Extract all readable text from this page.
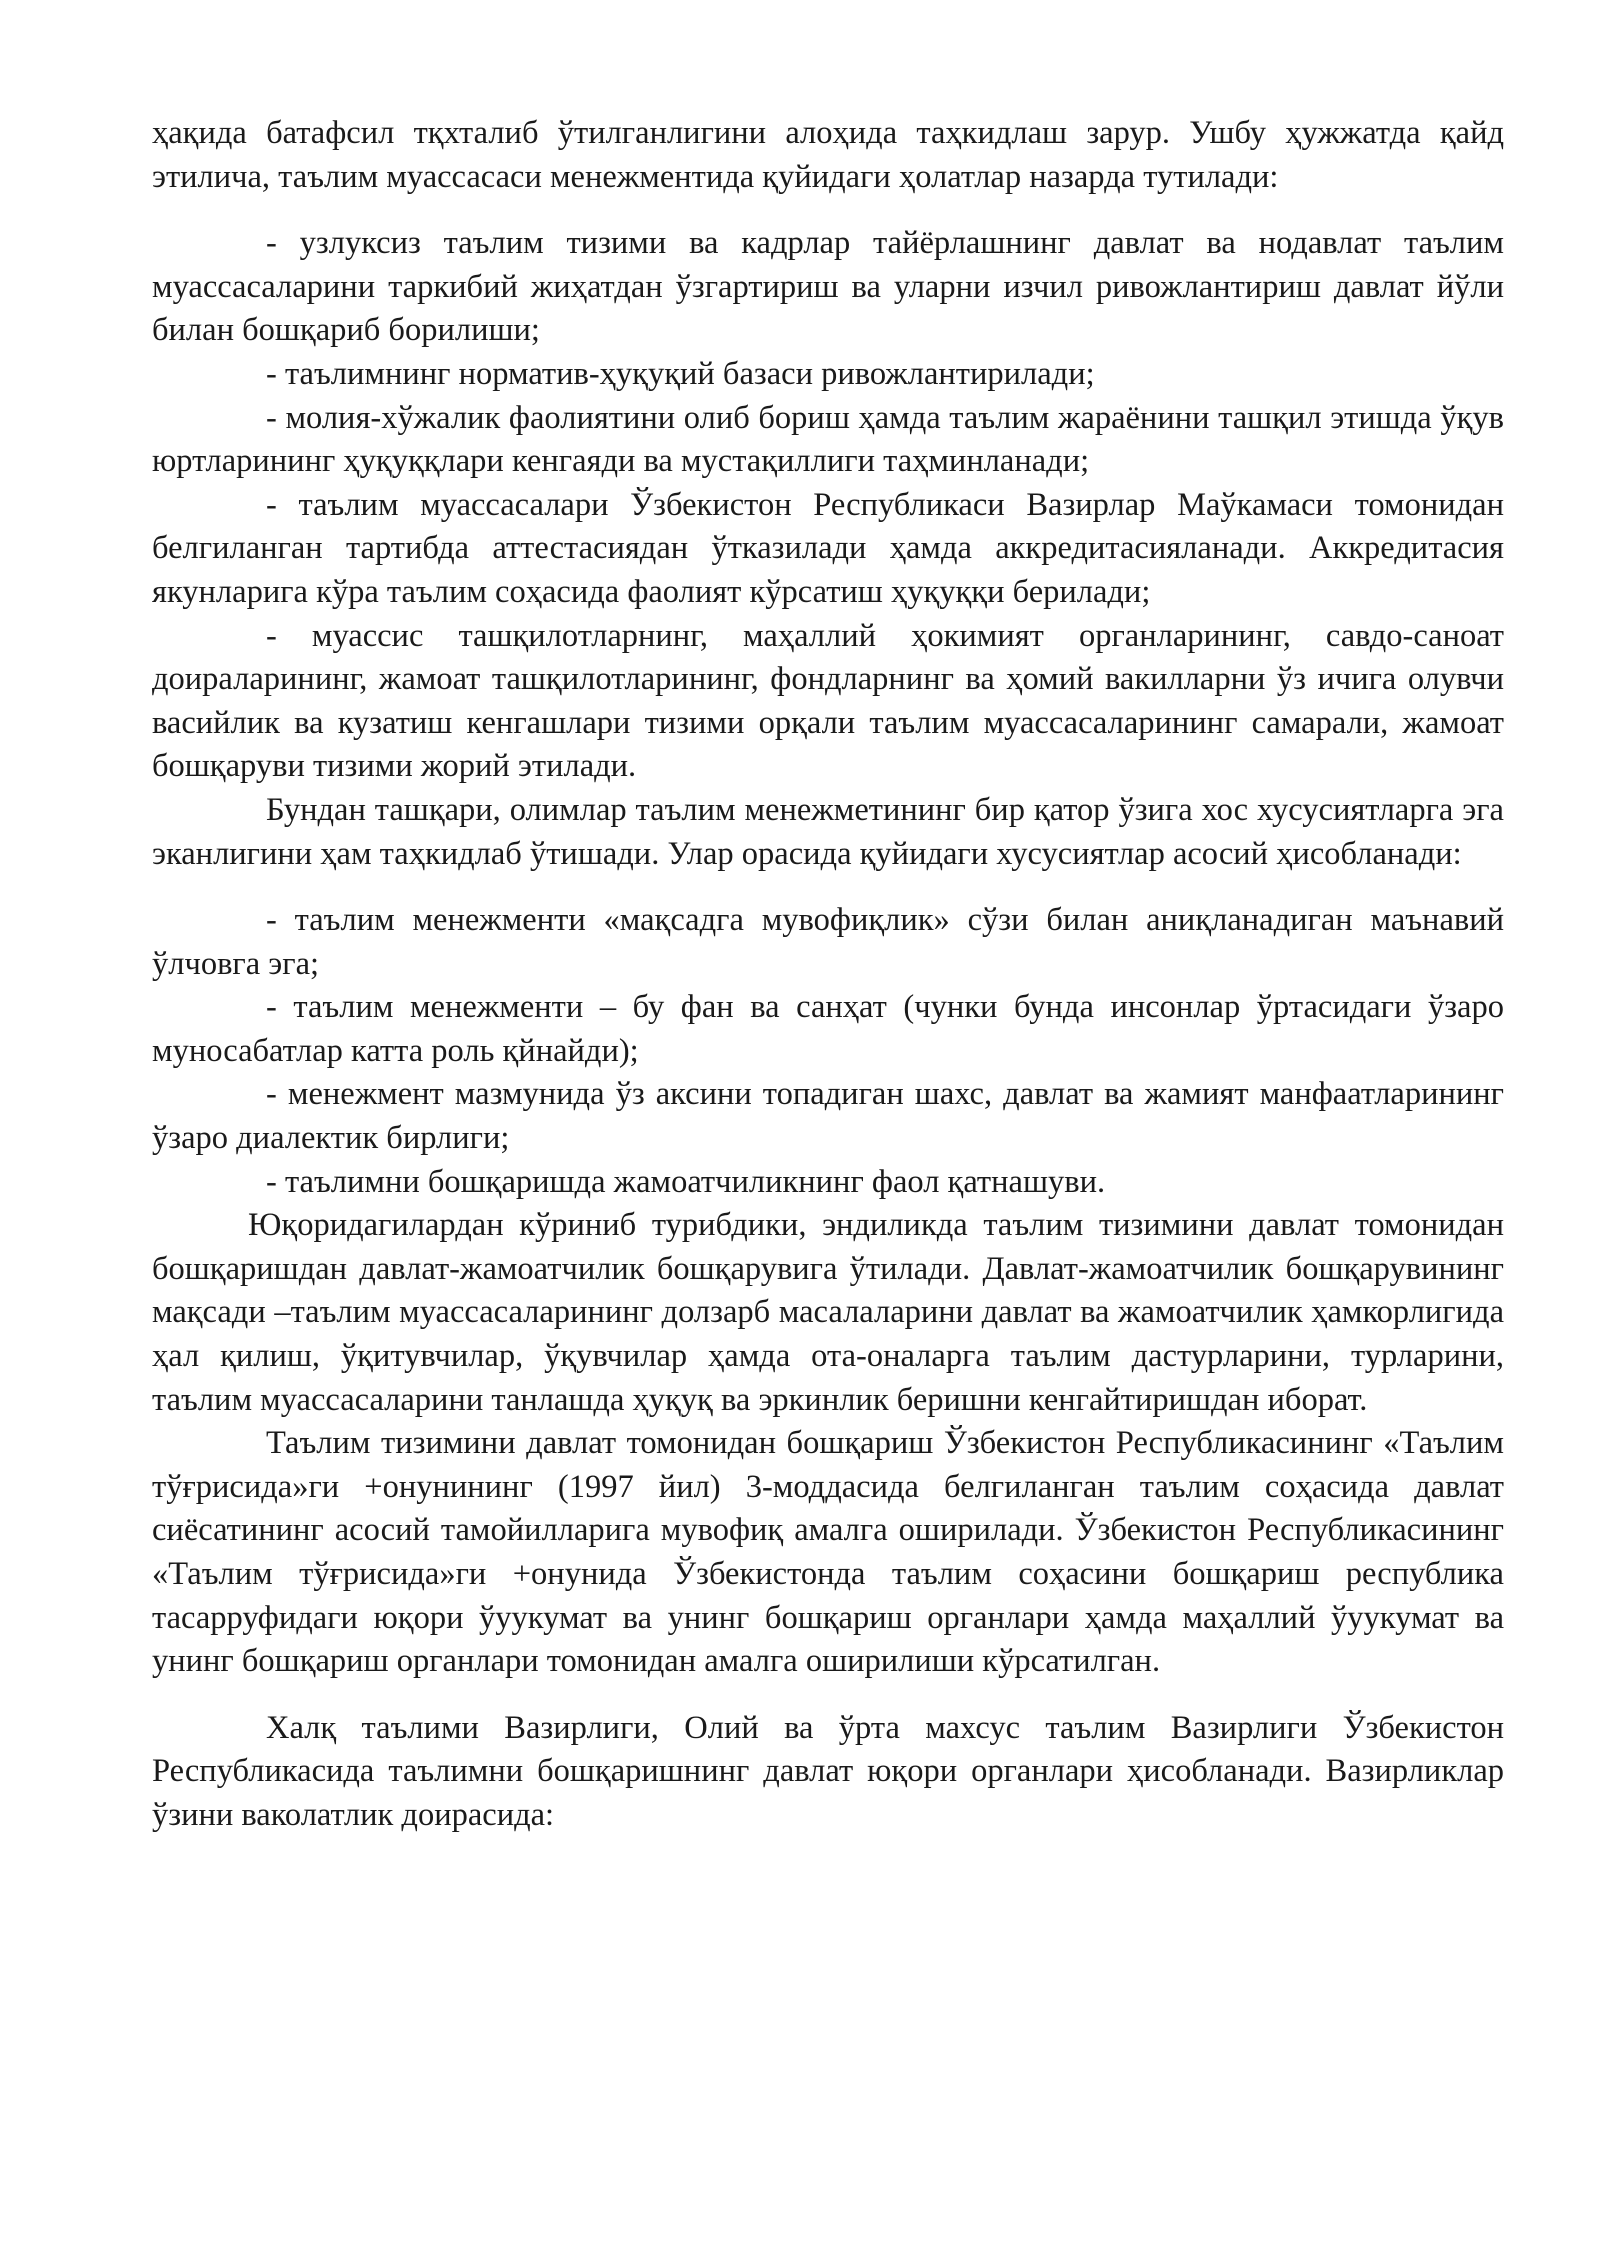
ҳақида батафсил тқхталиб ўтилганлигини алоҳида таҳкидлаш зарур. Ушбу ҳужжатда қайд этилича, таълим муассасаси менежментида қуйидаги ҳолатлар назарда тутилади:

- узлуксиз таълим тизими ва кадрлар тайёрлашнинг давлат ва нодавлат таълим муассасаларини таркибий жиҳатдан ўзгартириш ва уларни изчил ривожлантириш давлат йўли билан бошқариб борилиши;

- таълимнинг норматив-ҳуқуқий базаси ривожлантирилади;

- молия-хўжалик фаолиятини олиб бориш ҳамда таълим жараёнини ташқил этишда ўқув юртларининг ҳуқуққлари кенгаяди ва мустақиллиги таҳминланади;

- таълим муассасалари Ўзбекистон Республикаси Вазирлар Маўкамаси томонидан белгиланган тартибда аттестасиядан ўтказилади ҳамда аккредитасияланади. Аккредитасия якунларига кўра таълим соҳасида фаолият кўрсатиш ҳуқуққи берилади;

- муассис ташқилотларнинг, маҳаллий ҳокимият органларининг, савдо-саноат доираларининг, жамоат ташқилотларининг, фондларнинг ва ҳомий вакилларни ўз ичига олувчи васийлик ва кузатиш кенгашлари тизими орқали таълим муассасаларининг самарали, жамоат бошқаруви тизими жорий этилади.

Бундан ташқари, олимлар таълим менежметининг бир қатор ўзига хос хусусиятларга эга эканлигини ҳам таҳкидлаб ўтишади. Улар орасида қуйидаги хусусиятлар асосий ҳисобланади:

- таълим менежменти «мақсадга мувофиқлик» сўзи билан аниқланадиган маънавий ўлчовга эга;

- таълим менежменти – бу фан ва санҳат (чунки бунда инсонлар ўртасидаги ўзаро муносабатлар катта роль қйнайди);

- менежмент мазмунида ўз аксини топадиган шахс, давлат ва жамият манфаатларининг ўзаро диалектик бирлиги;

- таълимни бошқаришда жамоатчиликнинг фаол қатнашуви.

Юқоридагилардан кўриниб турибдики, эндиликда таълим тизимини давлат томонидан бошқаришдан давлат-жамоатчилик бошқарувига ўтилади. Давлат-жамоатчилик бошқарувининг мақсади –таълим муассасаларининг долзарб масалаларини давлат ва жамоатчилик ҳамкорлигида ҳал қилиш, ўқитувчилар, ўқувчилар ҳамда ота-оналарга таълим дастурларини, турларини, таълим муассасаларини танлашда ҳуқуқ ва эркинлик беришни кенгайтиришдан иборат.

Таълим тизимини давлат томонидан бошқариш Ўзбекистон Республикасининг «Таълим тўғрисида»ги +онунининг (1997 йил) 3-моддасида белгиланган таълим соҳасида давлат сиёсатининг асосий тамойилларига мувофиқ амалга оширилади. Ўзбекистон Республикасининг «Таълим тўғрисида»ги +онунида Ўзбекистонда таълим соҳасини бошқариш республика тасарруфидаги юқори ўуукумат ва унинг бошқариш органлари ҳамда маҳаллий ўуукумат ва унинг бошқариш органлари томонидан амалга оширилиши кўрсатилган.

Халқ таълими Вазирлиги, Олий ва ўрта махсус таълим Вазирлиги Ўзбекистон Республикасида таълимни бошқаришнинг давлат юқори органлари ҳисобланади. Вазирликлар ўзини ваколатлик доирасида:
